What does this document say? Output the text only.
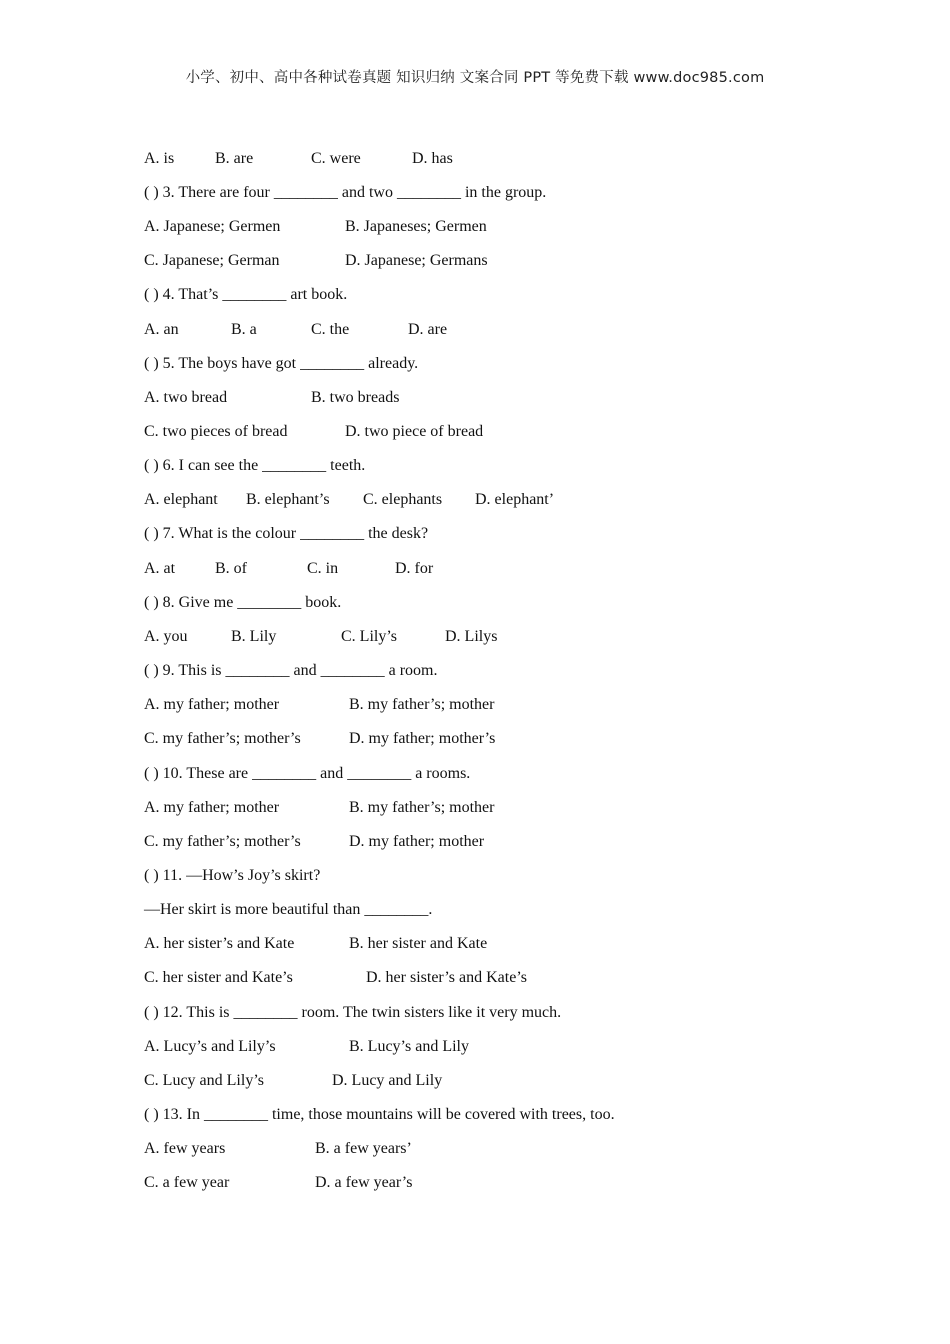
小学、初中、高中各种试卷真题 知识归纳 文案合同 PPT 等免费下载 www.doc985.com
A. is	B. are	C. were	D. has
( ) 3. There are four ________ and two ________ in the group.
A. Japanese; Germen	B. Japaneses; Germen
C. Japanese; German	D. Japanese; Germans
( ) 4. That’s ________ art book.
A. an	B. a	C. the	D. are
( ) 5. The boys have got ________ already.
A. two bread	B. two breads
C. two pieces of bread	D. two piece of bread
( ) 6. I can see the ________ teeth.
A. elephant B. elephant’s C. elephants D. elephant’
( ) 7. What is the colour ________ the desk?
A. at B. of	C. in	D. for
( ) 8. Give me ________ book.
A. you	B. Lily	C. Lily’s	D. Lilys
( ) 9. This is ________ and ________ a room.
A. my father; mother	B. my father’s; mother
C. my father’s; mother’s	D. my father; mother’s
( ) 10. These are ________ and ________ a rooms.
A. my father; mother	B. my father’s; mother
C. my father’s; mother’s	D. my father; mother
( ) 11. —How’s Joy’s skirt?
—Her skirt is more beautiful than ________.
A. her sister’s and Kate	B. her sister and Kate
C. her sister and Kate’s	D. her sister’s and Kate’s
( ) 12. This is ________ room. The twin sisters like it very much.
A. Lucy’s and Lily’s	B. Lucy’s and Lily
C. Lucy and Lily’s	D. Lucy and Lily
( ) 13. In ________ time, those mountains will be covered with trees, too.
A. few years	B. a few years’
C. a few year	D. a few year’s
